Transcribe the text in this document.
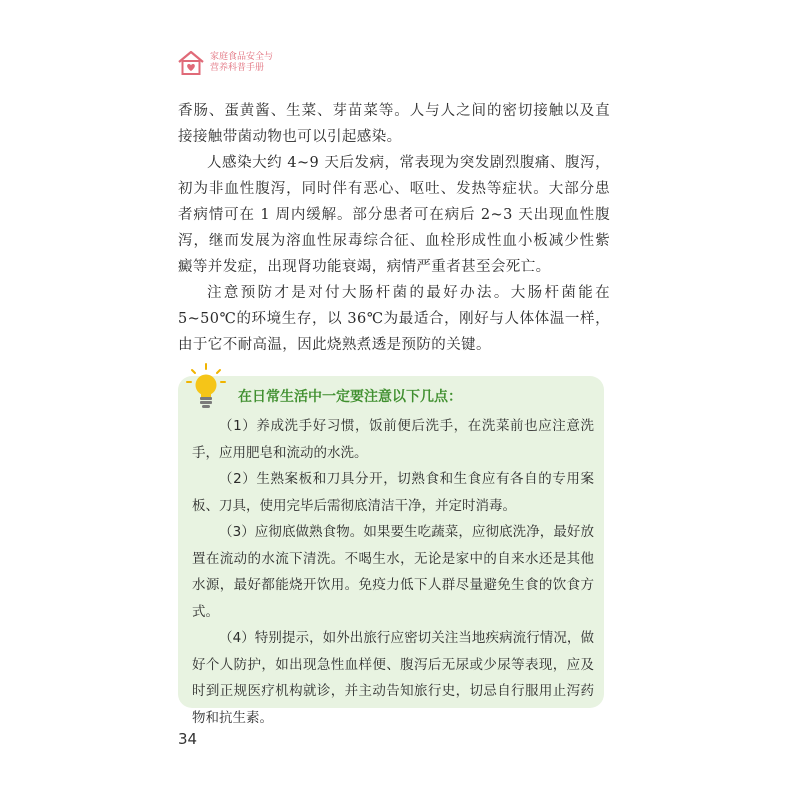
家庭食品安全与
营养科普手册

香肠、蛋黄酱、生菜、芽苗菜等。人与人之间的密切接触以及直接接触带菌动物也可以引起感染。

人感染大约 4~9 天后发病，常表现为突发剧烈腹痛、腹泻，初为非血性腹泻，同时伴有恶心、呕吐、发热等症状。大部分患者病情可在 1 周内缓解。部分患者可在病后 2~3 天出现血性腹泻，继而发展为溶血性尿毒综合征、血栓形成性血小板减少性紫癜等并发症，出现肾功能衰竭，病情严重者甚至会死亡。

注意预防才是对付大肠杆菌的最好办法。大肠杆菌能在 5~50℃的环境生存，以 36℃为最适合，刚好与人体体温一样，由于它不耐高温，因此烧熟煮透是预防的关键。

在日常生活中一定要注意以下几点：

（1）养成洗手好习惯，饭前便后洗手，在洗菜前也应注意洗手，应用肥皂和流动的水洗。

（2）生熟案板和刀具分开，切熟食和生食应有各自的专用案板、刀具，使用完毕后需彻底清洁干净，并定时消毒。

（3）应彻底做熟食物。如果要生吃蔬菜，应彻底洗净，最好放置在流动的水流下清洗。不喝生水，无论是家中的自来水还是其他水源，最好都能烧开饮用。免疫力低下人群尽量避免生食的饮食方式。

（4）特别提示，如外出旅行应密切关注当地疾病流行情况，做好个人防护，如出现急性血样便、腹泻后无尿或少尿等表现，应及时到正规医疗机构就诊，并主动告知旅行史，切忌自行服用止泻药物和抗生素。

34
